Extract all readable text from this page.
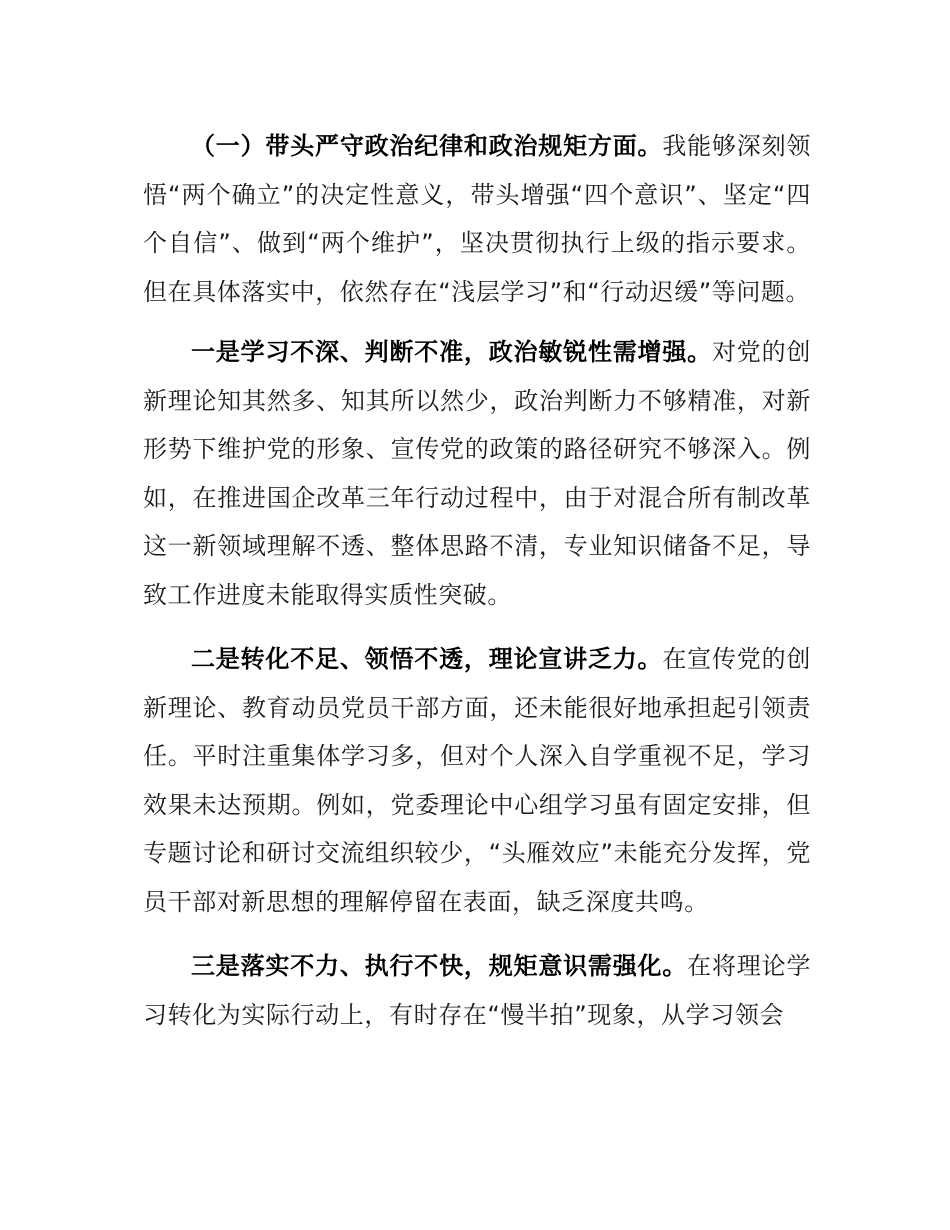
（一）带头严守政治纪律和政治规矩方面。我能够深刻领悟“两个确立”的决定性意义，带头增强“四个意识”、坚定“四个自信”、做到“两个维护”，坚决贯彻执行上级的指示要求。但在具体落实中，依然存在“浅层学习”和“行动迟缓”等问题。

一是学习不深、判断不准，政治敏锐性需增强。对党的创新理论知其然多、知其所以然少，政治判断力不够精准，对新形势下维护党的形象、宣传党的政策的路径研究不够深入。例如，在推进国企改革三年行动过程中，由于对混合所有制改革这一新领域理解不透、整体思路不清，专业知识储备不足，导致工作进度未能取得实质性突破。

二是转化不足、领悟不透，理论宣讲乏力。在宣传党的创新理论、教育动员党员干部方面，还未能很好地承担起引领责任。平时注重集体学习多，但对个人深入自学重视不足，学习效果未达预期。例如，党委理论中心组学习虽有固定安排，但专题讨论和研讨交流组织较少，“头雁效应”未能充分发挥，党员干部对新思想的理解停留在表面，缺乏深度共鸣。

三是落实不力、执行不快，规矩意识需强化。在将理论学习转化为实际行动上，有时存在“慢半拍”现象，从学习领会
